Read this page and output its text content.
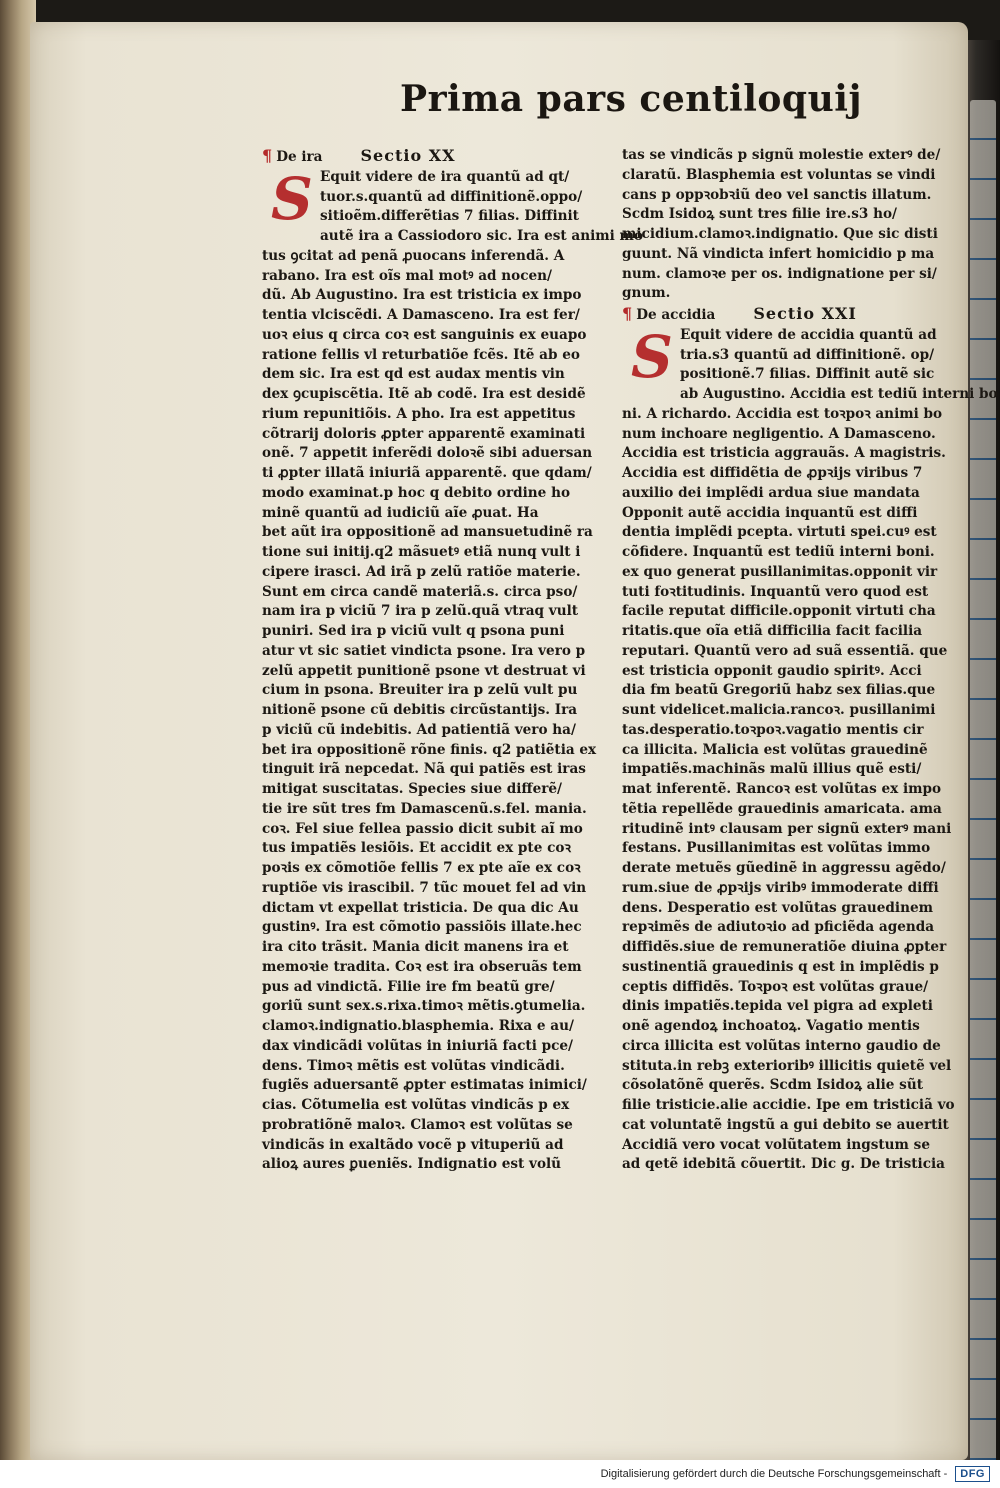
Prima pars centiloquij
¶ De ira Sectio XX
S Equit videre de ira quantũ ad qt/
tuor.s.quantũ ad diffinitionẽ.oppo/
sitioẽm.differẽtias 7 filias. Diffinit
autẽ ira a Cassiodoro sic. Ira est animi mo
tus ꝯcitat ad penã ꝓuocans inferendã. A
rabano. Ira est oĩs mal motꝰ ad nocen/
dũ. Ab Augustino. Ira est tristicia ex impo
tentia vlciscẽdi. A Damasceno. Ira est fer/
uoꝛ eius q circa coꝛ est sanguinis ex euapo
ratione fellis vl returbatiõe fcẽs. Itẽ ab eo
dem sic. Ira est qd est audax mentis vin
dex ꝯcupiscẽtia. Itẽ ab codẽ. Ira est desidẽ
rium repunitiõis. A pho. Ira est appetitus
cõtrarij doloris ꝓpter apparentẽ examinati
onẽ. 7 appetit inferẽdi doloꝛẽ sibi aduersan
ti ꝓpter illatã iniuriã apparentẽ. que qdam/
modo examinat.p hoc q debito ordine ho
minẽ quantũ ad iudiciũ aĩe ꝓuat. Ha
bet aũt ira oppositionẽ ad mansuetudinẽ ra
tione sui initij.q2 mãsuetꝰ etiã nunq vult i
cipere irasci. Ad irã p zelũ ratiõe materie.
Sunt em circa candẽ materiã.s. circa pso/
nam ira p viciũ 7 ira p zelũ.quã vtraq vult
puniri. Sed ira p viciũ vult q psona puni
atur vt sic satiet vindicta psone. Ira vero p
zelũ appetit punitionẽ psone vt destruat vi
cium in psona. Breuiter ira p zelũ vult pu
nitionẽ psone cũ debitis circũstantijs. Ira
p viciũ cũ indebitis. Ad patientiã vero ha/
bet ira oppositionẽ rõne finis. q2 patiẽtia ex
tinguit irã nepcedat. Nã qui patiẽs est iras
mitigat suscitatas. Species siue differẽ/
tie ire sũt tres fm Damascenũ.s.fel. mania.
coꝛ. Fel siue fellea passio dicit subit aĩ mo
tus impatiẽs lesiõis. Et accidit ex pte coꝛ
poꝛis ex cõmotiõe fellis 7 ex pte aĩe ex coꝛ
ruptiõe vis irascibil. 7 tũc mouet fel ad vin
dictam vt expellat tristicia. De qua dic Au
gustinꝰ. Ira est cõmotio passiõis illate.hec
ira cito trãsit. Mania dicit manens ira et
memoꝛie tradita. Coꝛ est ira obseruãs tem
pus ad vindictã. Filie ire fm beatũ gre/
goriũ sunt sex.s.rixa.timoꝛ mẽtis.ꝯtumelia.
clamoꝛ.indignatio.blasphemia. Rixa e au/
dax vindicãdi volũtas in iniuriã facti pce/
dens. Timoꝛ mẽtis est volũtas vindicãdi.
fugiẽs aduersantẽ ꝓpter estimatas inimici/
cias. Cõtumelia est volũtas vindicãs p ex
probratiõnẽ maloꝛ. Clamoꝛ est volũtas se
vindicãs in exaltãdo vocẽ p vituperiũ ad
alioꝝ aures ꝑueniẽs. Indignatio est volũ
tas se vindicãs p signũ molestie exterꝰ de/
claratũ. Blasphemia est voluntas se vindi
cans p oppꝛobꝛiũ deo vel sanctis illatum.
Scdm Isidoꝝ sunt tres filie ire.s3 ho/
micidium.clamoꝛ.indignatio. Que sic disti
guunt. Nã vindicta infert homicidio p ma
num. clamoꝛe per os. indignatione per si/
gnum.
¶ De accidia Sectio XXI
S Equit videre de accidia quantũ ad
tria.s3 quantũ ad diffinitionẽ. op/
positionẽ.7 filias. Diffinit autẽ sic
ab Augustino. Accidia est tediũ interni bo
ni. A richardo. Accidia est toꝛpoꝛ animi bo
num inchoare negligentio. A Damasceno.
Accidia est tristicia aggrauãs. A magistris.
Accidia est diffidẽtia de ꝓpꝛijs viribus 7
auxilio dei implẽdi ardua siue mandata
Opponit autẽ accidia inquantũ est diffi
dentia implẽdi pcepta. virtuti spei.cuꝰ est
cõfidere. Inquantũ est tediũ interni boni.
ex quo generat pusillanimitas.opponit vir
tuti foꝛtitudinis. Inquantũ vero quod est
facile reputat difficile.opponit virtuti cha
ritatis.que oĩa etiã difficilia facit facilia
reputari. Quantũ vero ad suã essentiã. que
est tristicia opponit gaudio spiritꝰ. Acci
dia fm beatũ Gregoriũ habz sex filias.que
sunt videlicet.malicia.rancoꝛ. pusillanimi
tas.desperatio.toꝛpoꝛ.vagatio mentis cir
ca illicita. Malicia est volũtas grauedinẽ
impatiẽs.machinãs malũ illius quẽ esti/
mat inferentẽ. Rancoꝛ est volũtas ex impo
tẽtia repellẽde grauedinis amaricata. ama
ritudinẽ intꝰ clausam per signũ exterꝰ mani
festans. Pusillanimitas est volũtas immo
derate metuẽs gũedinẽ in aggressu agẽdo/
rum.siue de ꝓpꝛijs viribꝰ immoderate diffi
dens. Desperatio est volũtas grauedinem
repꝛimẽs de adiutoꝛio ad pficiẽda agenda
diffidẽs.siue de remuneratiõe diuina ꝓpter
sustinentiã grauedinis q est in implẽdis p
ceptis diffidẽs. Toꝛpoꝛ est volũtas graue/
dinis impatiẽs.tepida vel pigra ad expleti
onẽ agendoꝝ inchoatoꝝ. Vagatio mentis
circa illicita est volũtas interno gaudio de
stituta.in rebꝫ exterioribꝰ illicitis quietẽ vel
cõsolatõnẽ querẽs. Scdm Isidoꝝ alie sũt
filie tristicie.alie accidie. Ipe em tristiciã vo
cat voluntatẽ ingstũ a gui debito se auertit
Accidiã vero vocat volũtatem ingstum se
ad qetẽ idebitã cõuertit. Dic g. De tristicia
Digitalisierung gefördert durch die Deutsche Forschungsgemeinschaft -	DFG
